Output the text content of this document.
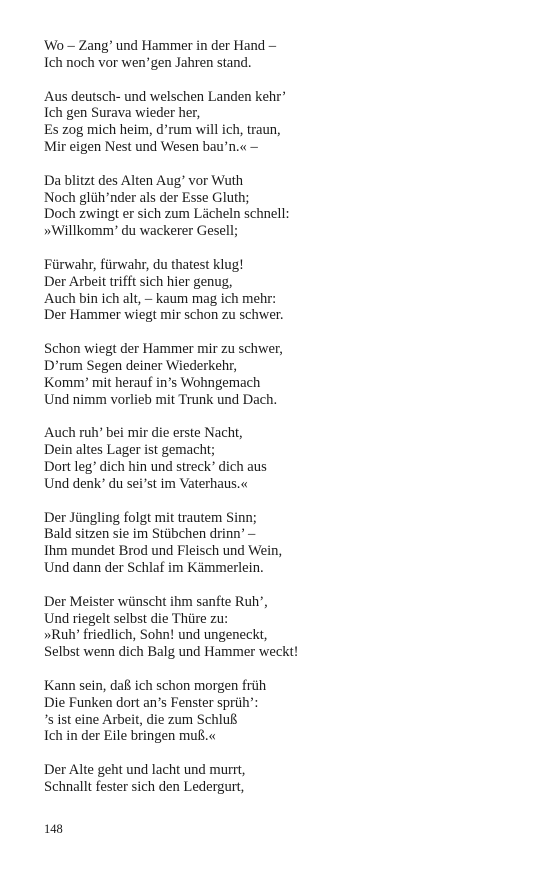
Wo – Zang’ und Hammer in der Hand –
Ich noch vor wen’gen Jahren stand.
Aus deutsch- und welschen Landen kehr’
Ich gen Surava wieder her,
Es zog mich heim, d’rum will ich, traun,
Mir eigen Nest und Wesen bau’n.« –
Da blitzt des Alten Aug’ vor Wuth
Noch glüh’nder als der Esse Gluth;
Doch zwingt er sich zum Lächeln schnell:
»Willkomm’ du wackerer Gesell;
Fürwahr, fürwahr, du thatest klug!
Der Arbeit trifft sich hier genug,
Auch bin ich alt, – kaum mag ich mehr:
Der Hammer wiegt mir schon zu schwer.
Schon wiegt der Hammer mir zu schwer,
D’rum Segen deiner Wiederkehr,
Komm’ mit herauf in’s Wohngemach
Und nimm vorlieb mit Trunk und Dach.
Auch ruh’ bei mir die erste Nacht,
Dein altes Lager ist gemacht;
Dort leg’ dich hin und streck’ dich aus
Und denk’ du sei’st im Vaterhaus.«
Der Jüngling folgt mit trautem Sinn;
Bald sitzen sie im Stübchen drinn’ –
Ihm mundet Brod und Fleisch und Wein,
Und dann der Schlaf im Kämmerlein.
Der Meister wünscht ihm sanfte Ruh’,
Und riegelt selbst die Thüre zu:
»Ruh’ friedlich, Sohn! und ungeneckt,
Selbst wenn dich Balg und Hammer weckt!
Kann sein, daß ich schon morgen früh
Die Funken dort an’s Fenster sprüh’:
’s ist eine Arbeit, die zum Schluß
Ich in der Eile bringen muß.«
Der Alte geht und lacht und murrt,
Schnallt fester sich den Ledergurt,
148
